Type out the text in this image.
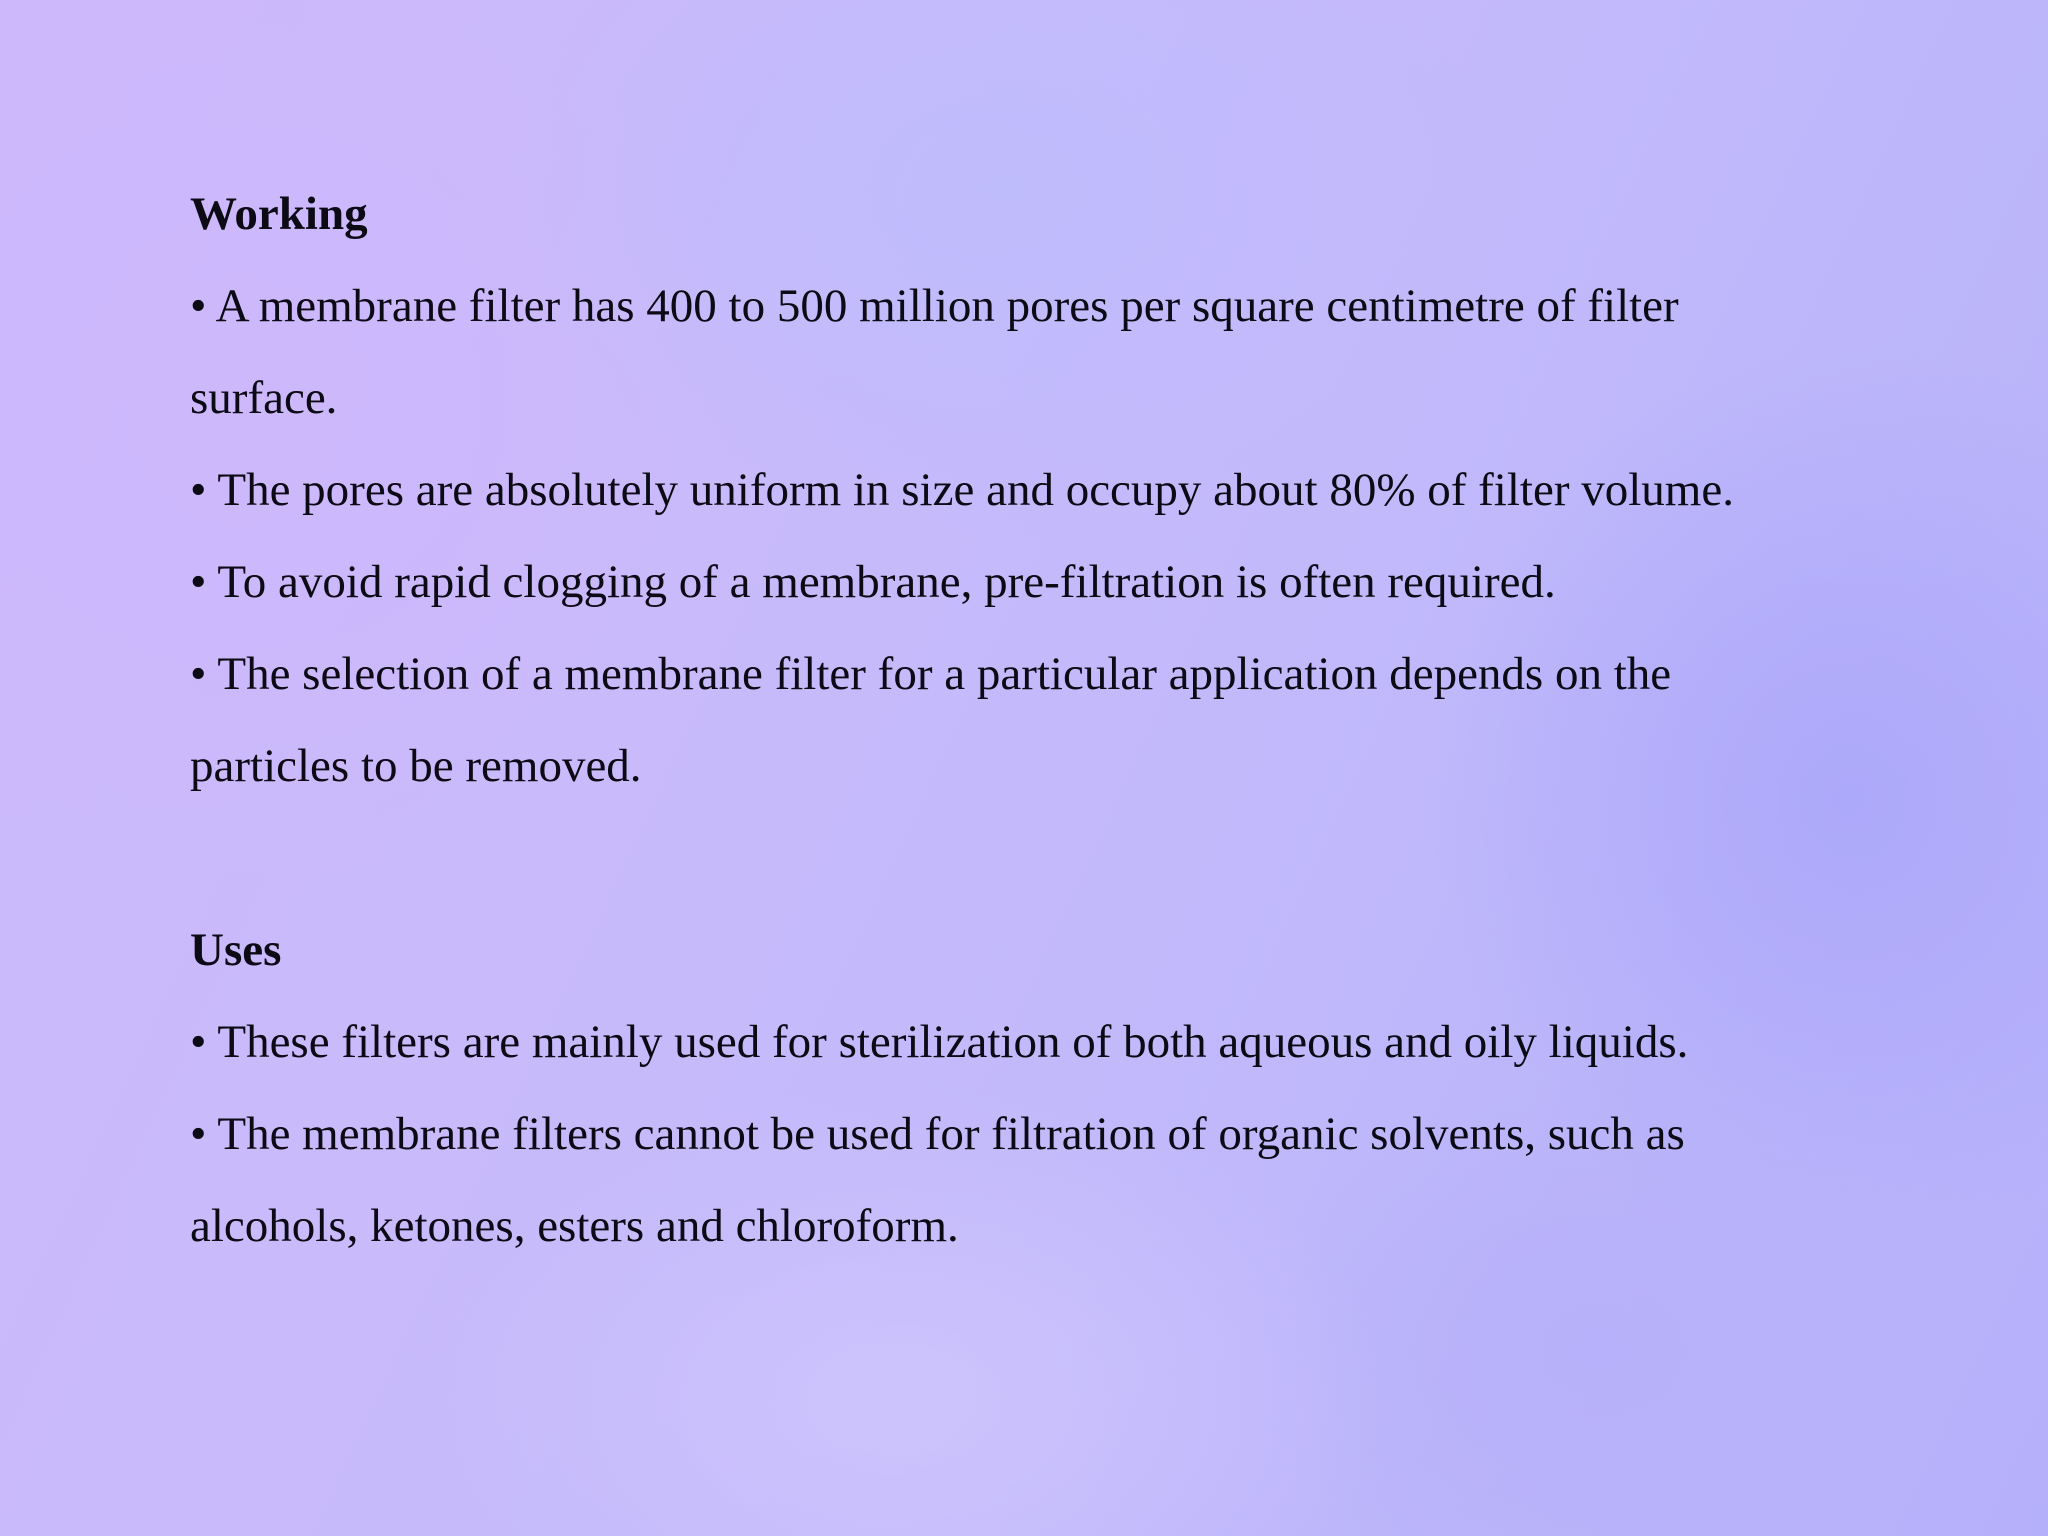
Working

• A membrane filter has 400 to 500 million pores per square centimetre of filter
surface.

• The pores are absolutely uniform in size and occupy about 80% of filter volume.

• To avoid rapid clogging of a membrane, pre-filtration is often required.

• The selection of a membrane filter for a particular application depends on the
particles to be removed.

Uses

• These filters are mainly used for sterilization of both aqueous and oily liquids.

• The membrane filters cannot be used for filtration of organic solvents, such as
alcohols, ketones, esters and chloroform.
